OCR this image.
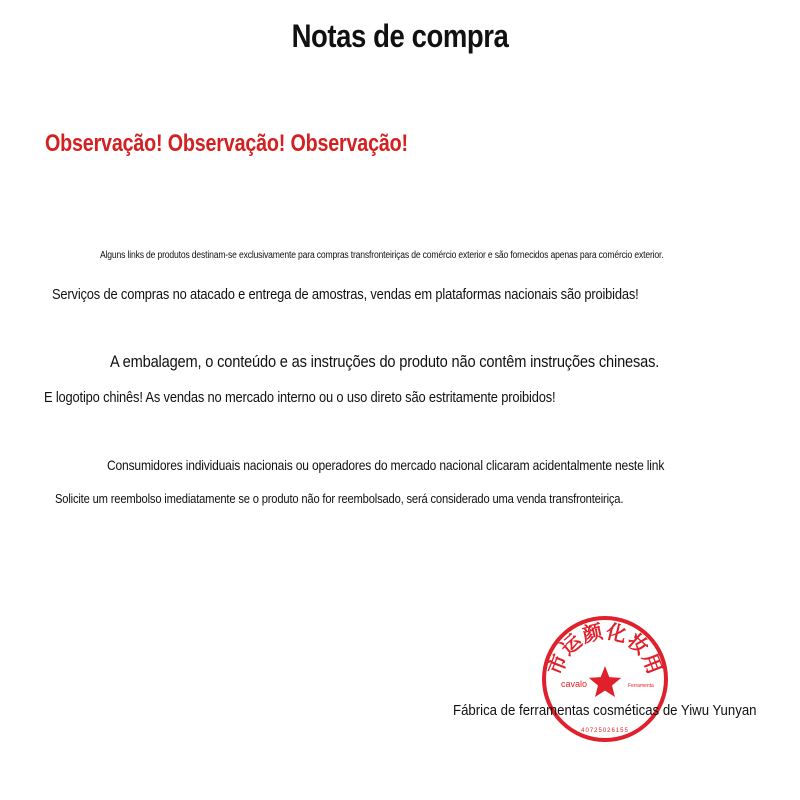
Notas de compra
Observação! Observação! Observação!
Alguns links de produtos destinam-se exclusivamente para compras transfronteiriças de comércio exterior e são fornecidos apenas para comércio exterior.
Serviços de compras no atacado e entrega de amostras, vendas em plataformas nacionais são proibidas!
A embalagem, o conteúdo e as instruções do produto não contêm instruções chinesas.
E logotipo chinês! As vendas no mercado interno ou o uso direto são estritamente proibidos!
Consumidores individuais nacionais ou operadores do mercado nacional clicaram acidentalmente neste link
Solicite um reembolso imediatamente se o produto não for reembolsado, será considerado uma venda transfronteiriça.
市运颜化妆用
cavalo	Ferramenta
40725026155
Fábrica de ferramentas cosméticas de Yiwu Yunyan
